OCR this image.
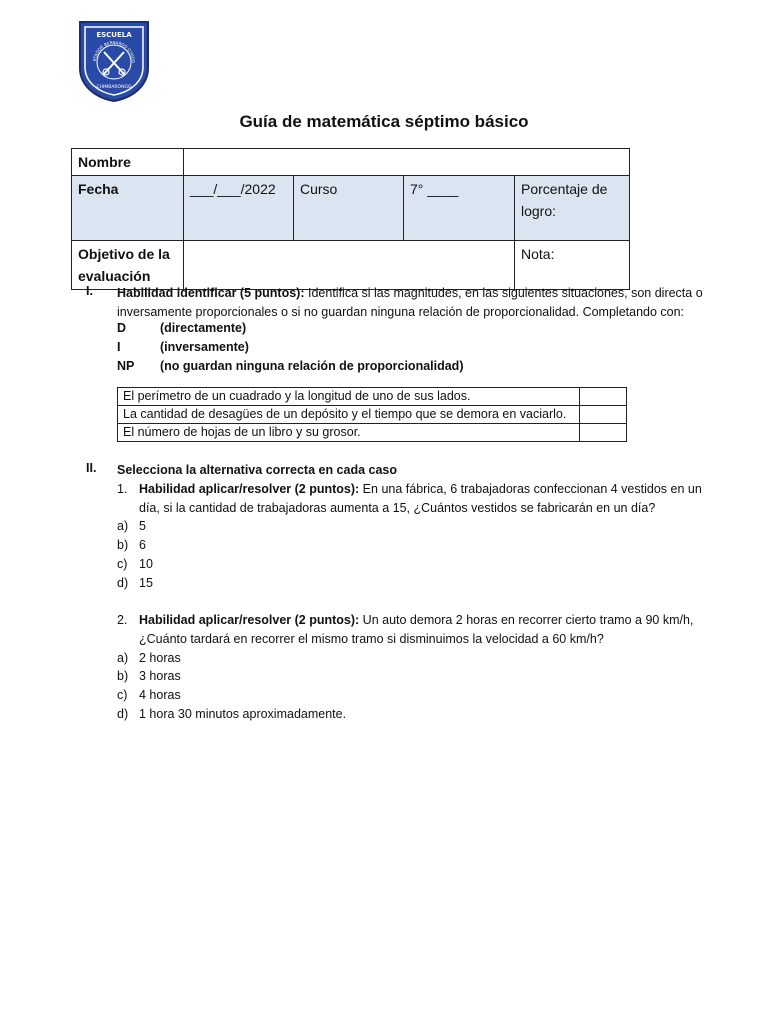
ESCUELA
RTADOR BERNARDO O'HIGG
CHIMBARONGO
Guía de matemática séptimo básico
Nombre				
Fecha	___/___/2022	Curso	7° ____	Porcentaje de logro:
Objetivo de la evaluación				Nota:
I. Habilidad identificar (5 puntos): Identifica si las magnitudes, en las siguientes situaciones, son directa o inversamente proporcionales o si no guardan ninguna relación de proporcionalidad. Completando con:
D	(directamente)
I	(inversamente)
NP (no guardan ninguna relación de proporcionalidad)
El perímetro de un cuadrado y la longitud de uno de sus lados.	
La cantidad de desagües de un depósito y el tiempo que se demora en vaciarlo.	
El número de hojas de un libro y su grosor.	
II. Selecciona la alternativa correcta en cada caso
1. Habilidad aplicar/resolver (2 puntos): En una fábrica, 6 trabajadoras confeccionan 4 vestidos en un día, si la cantidad de trabajadoras aumenta a 15, ¿Cuántos vestidos se fabricarán en un día?
a) 5
b) 6
c) 10
d) 15
2. Habilidad aplicar/resolver (2 puntos): Un auto demora 2 horas en recorrer cierto tramo a 90 km/h, ¿Cuánto tardará en recorrer el mismo tramo si disminuimos la velocidad a 60 km/h?
a) 2 horas
b) 3 horas
c) 4 horas
d) 1 hora 30 minutos aproximadamente.
